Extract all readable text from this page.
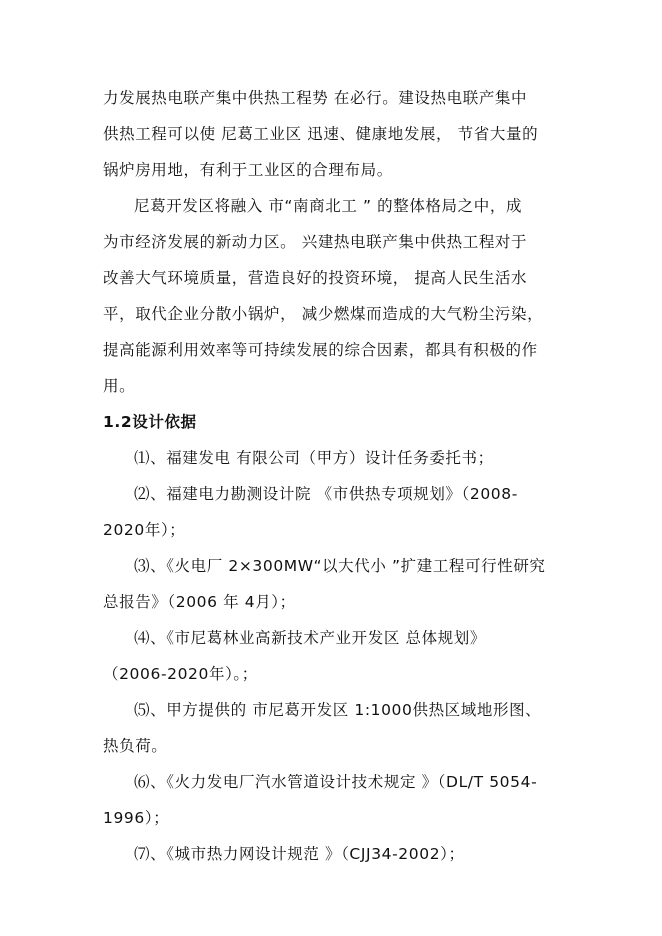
力发展热电联产集中供热工程势 在必行。建设热电联产集中
供热工程可以使 尼葛工业区 迅速、健康地发展， 节省大量的
锅炉房用地，有利于工业区的合理布局。
尼葛开发区将融入 市“南商北工 ” 的整体格局之中，成
为市经济发展的新动力区。 兴建热电联产集中供热工程对于
改善大气环境质量，营造良好的投资环境， 提高人民生活水
平，取代企业分散小锅炉， 减少燃煤而造成的大气粉尘污染，
提高能源利用效率等可持续发展的综合因素，都具有积极的作
用。
1.2设计依据
⑴、福建发电 有限公司（甲方）设计任务委托书；
⑵、福建电力勘测设计院 《市供热专项规划》（2008-
2020年）；
⑶、《火电厂 2×300MW“以大代小 ”扩建工程可行性研究
总报告》（2006 年 4月）；
⑷、《市尼葛林业高新技术产业开发区 总体规划》
（2006-2020年）。；
⑸、甲方提供的 市尼葛开发区 1:1000供热区域地形图、
热负荷。
⑹、《火力发电厂汽水管道设计技术规定 》（DL/T 5054-
1996）；
⑺、《城市热力网设计规范 》（CJJ34-2002）；
